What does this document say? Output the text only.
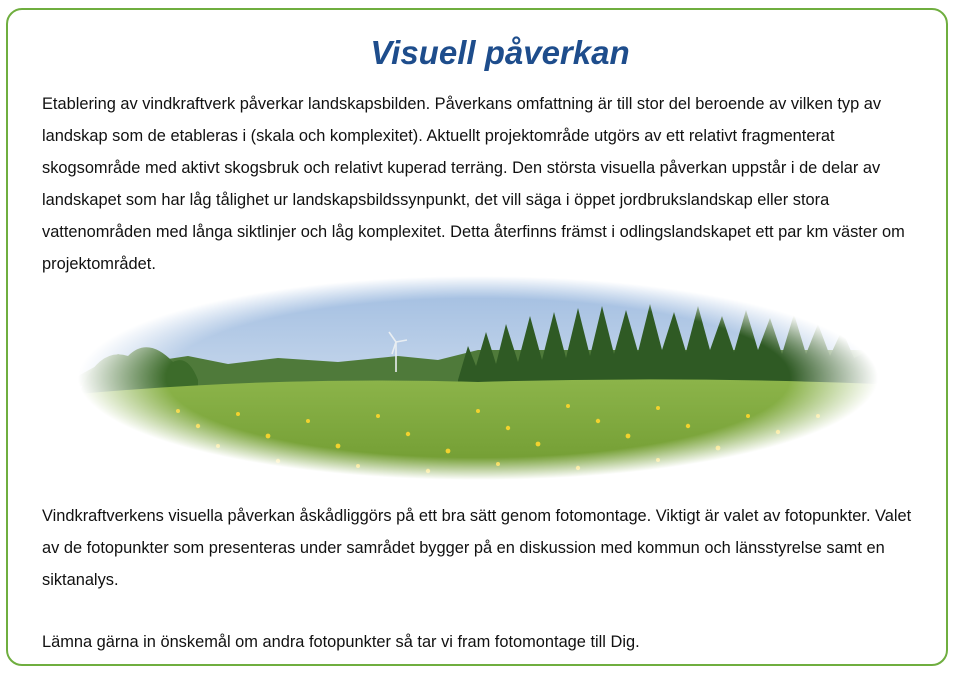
Visuell påverkan

Etablering av vindkraftverk påverkar landskapsbilden. Påverkans omfattning är till stor del beroende av vilken typ av landskap som de etableras i (skala och komplexitet). Aktuellt projektområde utgörs av ett relativt fragmenterat skogsområde med aktivt skogsbruk och relativt kuperad terräng. Den största visuella påverkan uppstår i de delar av landskapet som har låg tålighet ur landskapsbildssynpunkt, det vill säga i öppet jordbrukslandskap eller stora vattenområden med långa siktlinjer och låg komplexitet. Detta återfinns främst i odlingslandskapet ett par km väster om projektområdet.

Vindkraftverkens visuella påverkan åskådliggörs på ett bra sätt genom fotomontage. Viktigt är valet av fotopunkter. Valet av de fotopunkter som presenteras under samrådet bygger på en diskussion med kommun och länsstyrelse samt en siktanalys.

Lämna gärna in önskemål om andra fotopunkter så tar vi fram fotomontage till Dig.
